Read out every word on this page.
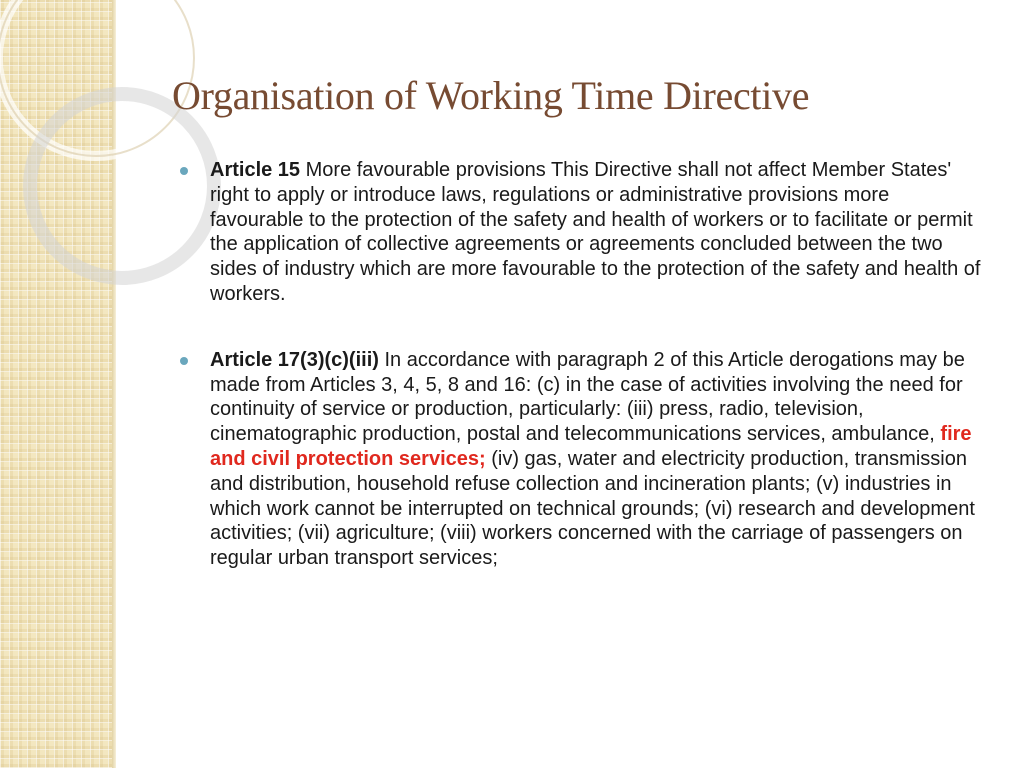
Organisation of Working Time Directive
Article 15 More favourable provisions This Directive shall not affect Member States' right to apply or introduce laws, regulations or administrative provisions more favourable to the protection of the safety and health of workers or to facilitate or permit the application of collective agreements or agreements concluded between the two sides of industry which are more favourable to the protection of the safety and health of workers.
Article 17(3)(c)(iii) In accordance with paragraph 2 of this Article derogations may be made from Articles 3, 4, 5, 8 and 16: (c) in the case of activities involving the need for continuity of service or production, particularly: (iii) press, radio, television, cinematographic production, postal and telecommunications services, ambulance, fire and civil protection services; (iv) gas, water and electricity production, transmission and distribution, household refuse collection and incineration plants; (v) industries in which work cannot be interrupted on technical grounds; (vi) research and development activities; (vii) agriculture; (viii) workers concerned with the carriage of passengers on regular urban transport services;
